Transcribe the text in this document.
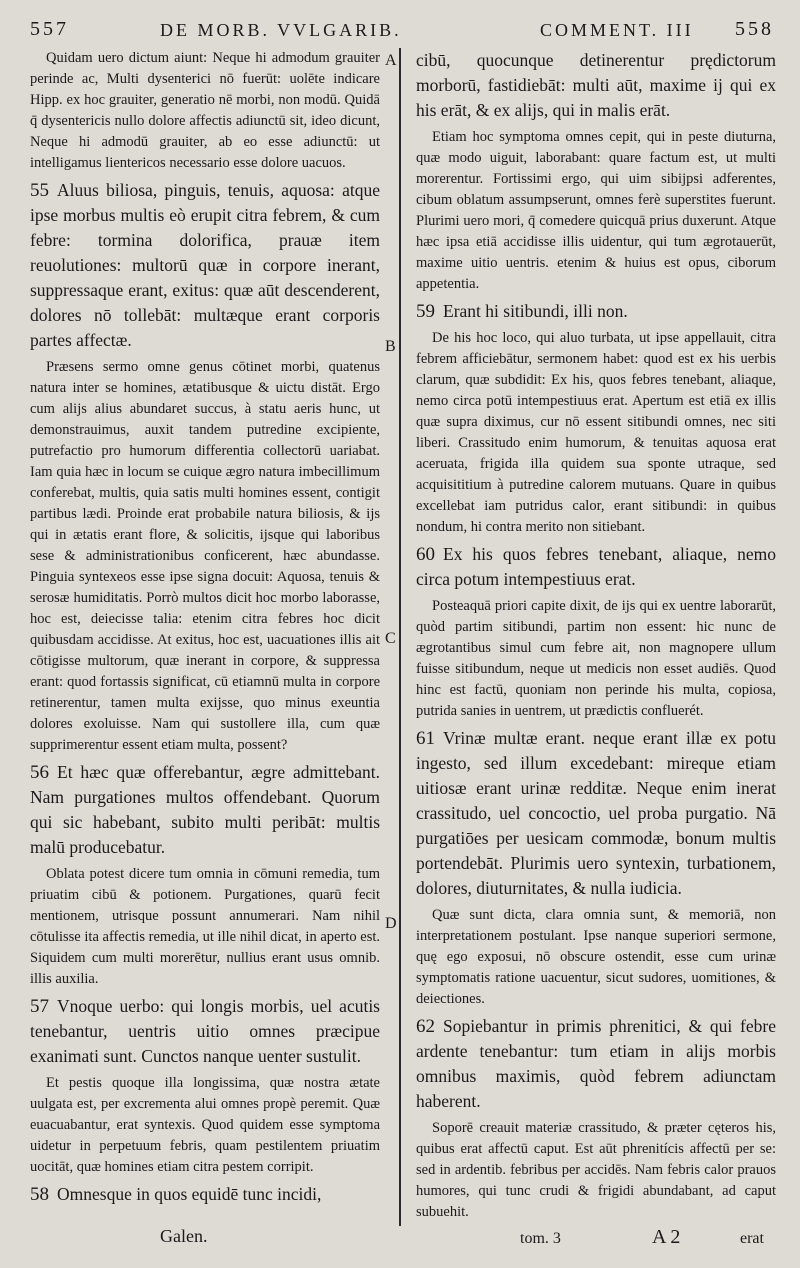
557	DE MORB. VVLGARIB.	COMMENT. III 558
Quidam uero dictum aiunt: Neque hi admodum grauiter perinde ac, Multi dysenterici nō fuerūt: uolēte indicare Hipp. ex hoc grauiter, generatio nē morbi, non modū. Quidā q̄ dysentericis nullo dolore affectis adiunctū sit, ideo dicunt, Neque hi admodū grauiter, ab eo esse adiunctū: ut intelligamus lientericos necessario esse dolore uacuos.
55 Aluus biliosa, pinguis, tenuis, aquosa: atque ipse morbus multis eò erupit citra febrem, & cum febre: tormina dolorifica, prauæ item reuolutiones: multorū quæ in corpore inerant, suppressaque erant, exitus: quæ aūt descenderent, dolores nō tollebāt: multæque erant corporis partes affectæ.
Præsens sermo omne genus cōtinet morbi, quatenus natura inter se homines, ætatibusque & uictu distāt. Ergo cum alijs alius abundaret succus, à statu aeris hunc, ut demonstrauimus, auxit tandem putredine excipiente, putrefactio pro humorum differentia collectorū uariabat. Iam quia hæc in locum se cuique ægro natura imbecillimum conferebat, multis, quia satis multi homines essent, contigit partibus lædi. Proinde erat probabile natura biliosis, & ijs qui in ætatis erant flore, & solicitis, ijsque qui laboribus sese & administrationibus conficerent, hæc abundasse. Pinguia syntexeos esse ipse signa docuit: Aquosa, tenuis & serosæ humiditatis. Porrò multos dicit hoc morbo laborasse, hoc est, deiecisse talia: etenim citra febres hoc dicit quibusdam accidisse. At exitus, hoc est, uacuationes illis ait cōtigisse multorum, quæ inerant in corpore, & suppressa erant: quod fortassis significat, cū etiamnū multa in corpore retinerentur, tamen multa exijsse, quo minus exeuntia dolores exoluisse. Nam qui sustollere illa, cum quæ supprimerentur essent etiam multa, possent?
56 Et hæc quæ offerebantur, ægre admittebant. Nam purgationes multos offendebant. Quorum qui sic habebant, subito multi peribāt: multis malū producebatur.
Oblata potest dicere tum omnia in cōmuni remedia, tum priuatim cibū & potionem. Purgationes, quarū fecit mentionem, utrisque possunt annumerari. Nam nihil cōtulisse ita affectis remedia, ut ille nihil dicat, in aperto est. Siquidem cum multi morerētur, nullius erant usus omnib. illis auxilia.
57 Vnoque uerbo: qui longis morbis, uel acutis tenebantur, uentris uitio omnes præcipue exanimati sunt. Cunctos nanque uenter sustulit.
Et pestis quoque illa longissima, quæ nostra ætate uulgata est, per excrementa alui omnes propè peremit. Quæ euacuabantur, erat syntexis. Quod quidem esse symptoma uidetur in perpetuum febris, quam pestilentem priuatim uocitāt, quæ homines etiam citra pestem corripit.
58 Omnesque in quos equidē tunc incidi,
A
B
C
D
cibū, quocunque detinerentur prędictorum morborū, fastidiebāt: multi aūt, maxime ij qui ex his erāt, & ex alijs, qui in malis erāt.
Etiam hoc symptoma omnes cepit, qui in peste diuturna, quæ modo uiguit, laborabant: quare factum est, ut multi morerentur. Fortissimi ergo, qui uim sibijpsi adferentes, cibum oblatum assumpserunt, omnes ferè superstites fuerunt. Plurimi uero mori, q̄ comedere quicquā prius duxerunt. Atque hæc ipsa etiā accidisse illis uidentur, qui tum ægrotauerūt, maxime uitio uentris. etenim & huius est opus, ciborum appetentia.
59 Erant hi sitibundi, illi non.
De his hoc loco, qui aluo turbata, ut ipse appellauit, citra febrem afficiebātur, sermonem habet: quod est ex his uerbis clarum, quæ subdidit: Ex his, quos febres tenebant, aliaque, nemo circa potū intempestiuus erat. Apertum est etiā ex illis quæ supra diximus, cur nō essent sitibundi omnes, nec siti liberi. Crassitudo enim humorum, & tenuitas aquosa erat aceruata, frigida illa quidem sua sponte utraque, sed acquisititium à putredine calorem mutuans. Quare in quibus excellebat iam putridus calor, erant sitibundi: in quibus nondum, hi contra merito non sitiebant.
60 Ex his quos febres tenebant, aliaque, nemo circa potum intempestiuus erat.
Posteaquā priori capite dixit, de ijs qui ex uentre laborarūt, quòd partim sitibundi, partim non essent: hic nunc de ægrotantibus simul cum febre ait, non magnopere ullum fuisse sitibundum, neque ut medicis non esset audiēs. Quod hinc est factū, quoniam non perinde his multa, copiosa, putrida sanies in uentrem, ut prædictis confluerét.
61 Vrinæ multæ erant. neque erant illæ ex potu ingesto, sed illum excedebant: mireque etiam uitiosæ erant urinæ redditæ. Neque enim inerat crassitudo, uel concoctio, uel proba purgatio. Nā purgatiōes per uesicam commodæ, bonum multis portendebāt. Plurimis uero syntexin, turbationem, dolores, diuturnitates, & nulla iudicia.
Quæ sunt dicta, clara omnia sunt, & memoriā, non interpretationem postulant. Ipse nanque superiori sermone, quę ego exposui, nō obscure ostendit, esse cum urinæ symptomatis ratione uacuentur, sicut sudores, uomitiones, & deiectiones.
62 Sopiebantur in primis phrenitici, & qui febre ardente tenebantur: tum etiam in alijs morbis omnibus maximis, quòd febrem adiunctam haberent.
Soporē creauit materiæ crassitudo, & præter cęteros his, quibus erat affectū caput. Est aūt phrenitícis affectū per se: sed in ardentib. febribus per accidēs. Nam febris calor prauos humores, qui tunc crudi & frigidi abundabant, ad caput subuehit.
Galen.	tom. 3	A 2	erat
